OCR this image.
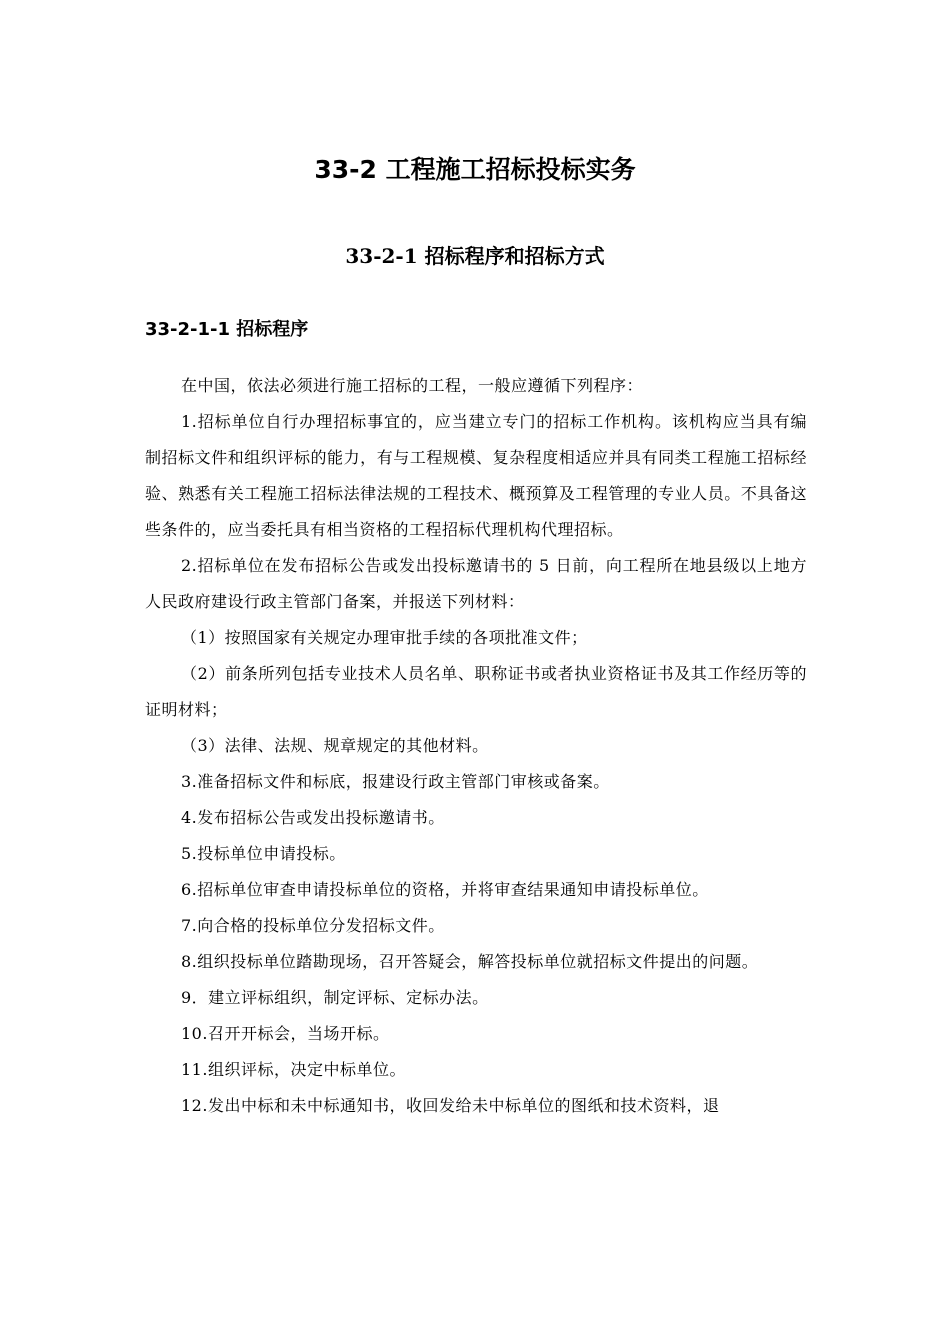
33-2 工程施工招标投标实务
33-2-1 招标程序和招标方式
33-2-1-1 招标程序

在中国，依法必须进行施工招标的工程，一般应遵循下列程序：

1.招标单位自行办理招标事宜的，应当建立专门的招标工作机构。该机构应当具有编制招标文件和组织评标的能力，有与工程规模、复杂程度相适应并具有同类工程施工招标经验、熟悉有关工程施工招标法律法规的工程技术、概预算及工程管理的专业人员。不具备这些条件的，应当委托具有相当资格的工程招标代理机构代理招标。

2.招标单位在发布招标公告或发出投标邀请书的 5 日前，向工程所在地县级以上地方人民政府建设行政主管部门备案，并报送下列材料：

（1）按照国家有关规定办理审批手续的各项批准文件；

（2）前条所列包括专业技术人员名单、职称证书或者执业资格证书及其工作经历等的证明材料；

（3）法律、法规、规章规定的其他材料。

3.准备招标文件和标底，报建设行政主管部门审核或备案。

4.发布招标公告或发出投标邀请书。

5.投标单位申请投标。

6.招标单位审查申请投标单位的资格，并将审查结果通知申请投标单位。

7.向合格的投标单位分发招标文件。

8.组织投标单位踏勘现场，召开答疑会，解答投标单位就招标文件提出的问题。

9．建立评标组织，制定评标、定标办法。

10.召开开标会，当场开标。

11.组织评标，决定中标单位。

12.发出中标和未中标通知书，收回发给未中标单位的图纸和技术资料，退
